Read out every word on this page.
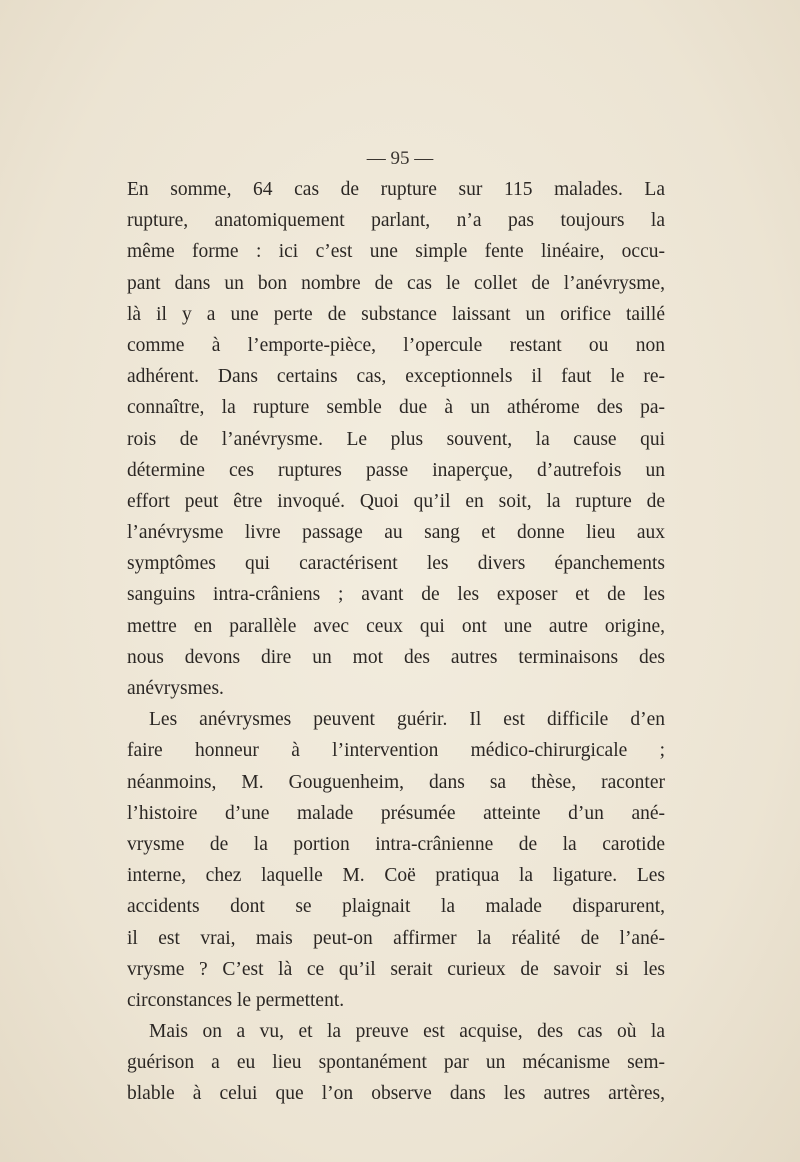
— 95 —
En somme, 64 cas de rupture sur 115 malades. La
rupture, anatomiquement parlant, n’a pas toujours la
même forme : ici c’est une simple fente linéaire, occu-
pant dans un bon nombre de cas le collet de l’anévrysme,
là il y a une perte de substance laissant un orifice taillé
comme à l’emporte-pièce, l’opercule restant ou non
adhérent. Dans certains cas, exceptionnels il faut le re-
connaître, la rupture semble due à un athérome des pa-
rois de l’anévrysme. Le plus souvent, la cause qui
détermine ces ruptures passe inaperçue, d’autrefois un
effort peut être invoqué. Quoi qu’il en soit, la rupture de
l’anévrysme livre passage au sang et donne lieu aux
symptômes qui caractérisent les divers épanchements
sanguins intra-crâniens ; avant de les exposer et de les
mettre en parallèle avec ceux qui ont une autre origine,
nous devons dire un mot des autres terminaisons des
anévrysmes.
Les anévrysmes peuvent guérir. Il est difficile d’en
faire honneur à l’intervention médico-chirurgicale ;
néanmoins, M. Gouguenheim, dans sa thèse, raconter
l’histoire d’une malade présumée atteinte d’un ané-
vrysme de la portion intra-crânienne de la carotide
interne, chez laquelle M. Coë pratiqua la ligature. Les
accidents dont se plaignait la malade disparurent,
il est vrai, mais peut-on affirmer la réalité de l’ané-
vrysme ? C’est là ce qu’il serait curieux de savoir si les
circonstances le permettent.
Mais on a vu, et la preuve est acquise, des cas où la
guérison a eu lieu spontanément par un mécanisme sem-
blable à celui que l’on observe dans les autres artères,
